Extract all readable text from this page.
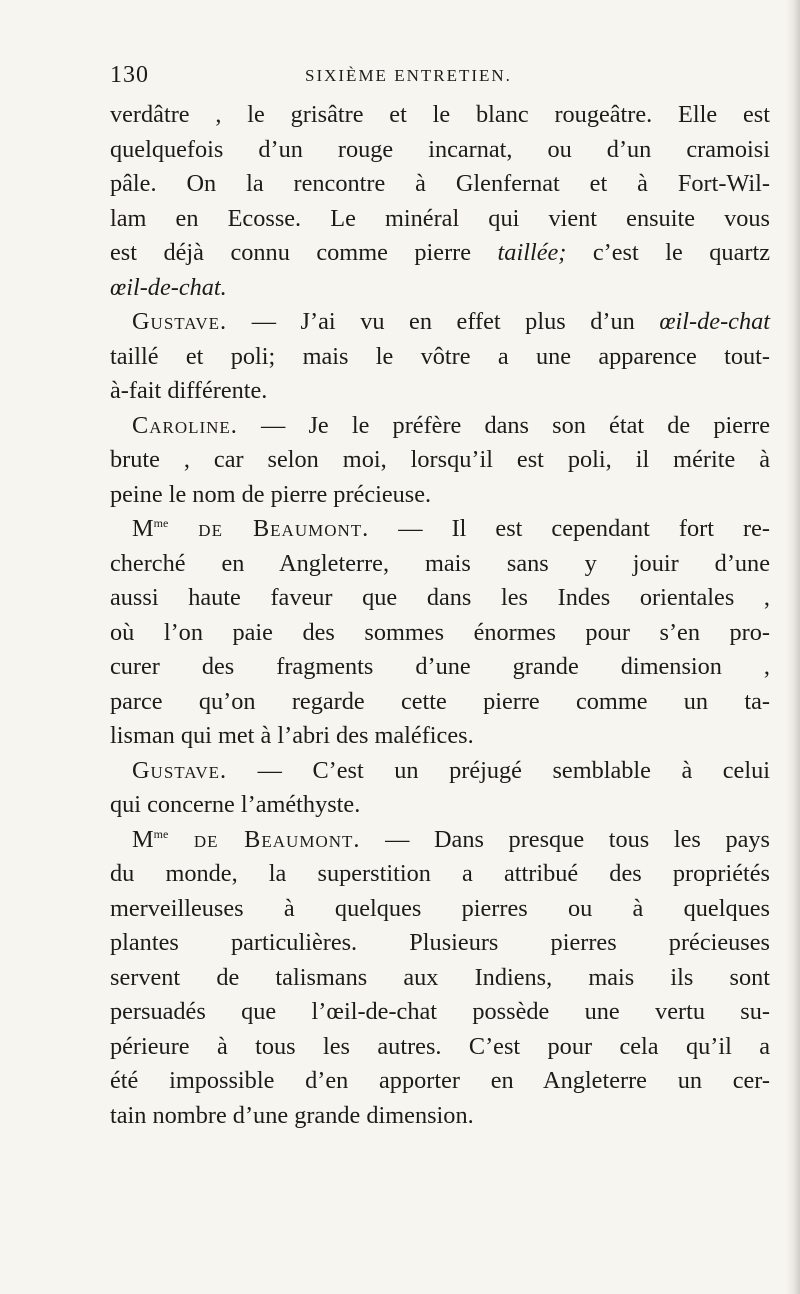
130	SIXIÈME ENTRETIEN.
verdâtre , le grisâtre et le blanc rougeâtre. Elle est
quelquefois d’un rouge incarnat, ou d’un cramoisi
pâle. On la rencontre à Glenfernat et à Fort-Wil-
lam en Ecosse. Le minéral qui vient ensuite vous
est déjà connu comme pierre taillée; c’est le quartz
œil-de-chat.
Gustave. — J’ai vu en effet plus d’un œil-de-chat
taillé et poli; mais le vôtre a une apparence tout-
à-fait différente.
Caroline. — Je le préfère dans son état de pierre
brute , car selon moi, lorsqu’il est poli, il mérite à
peine le nom de pierre précieuse.
$M^{me}$ de Beaumont. — Il est cependant fort re-
cherché en Angleterre, mais sans y jouir d’une
aussi haute faveur que dans les Indes orientales ,
où l’on paie des sommes énormes pour s’en pro-
curer des fragments d’une grande dimension ,
parce qu’on regarde cette pierre comme un ta-
lisman qui met à l’abri des maléfices.
Gustave. — C’est un préjugé semblable à celui
qui concerne l’améthyste.
$M^{me}$ de Beaumont. — Dans presque tous les pays
du monde, la superstition a attribué des propriétés
merveilleuses à quelques pierres ou à quelques
plantes particulières. Plusieurs pierres précieuses
servent de talismans aux Indiens, mais ils sont
persuadés que l’œil-de-chat possède une vertu su-
périeure à tous les autres. C’est pour cela qu’il a
été impossible d’en apporter en Angleterre un cer-
tain nombre d’une grande dimension.
